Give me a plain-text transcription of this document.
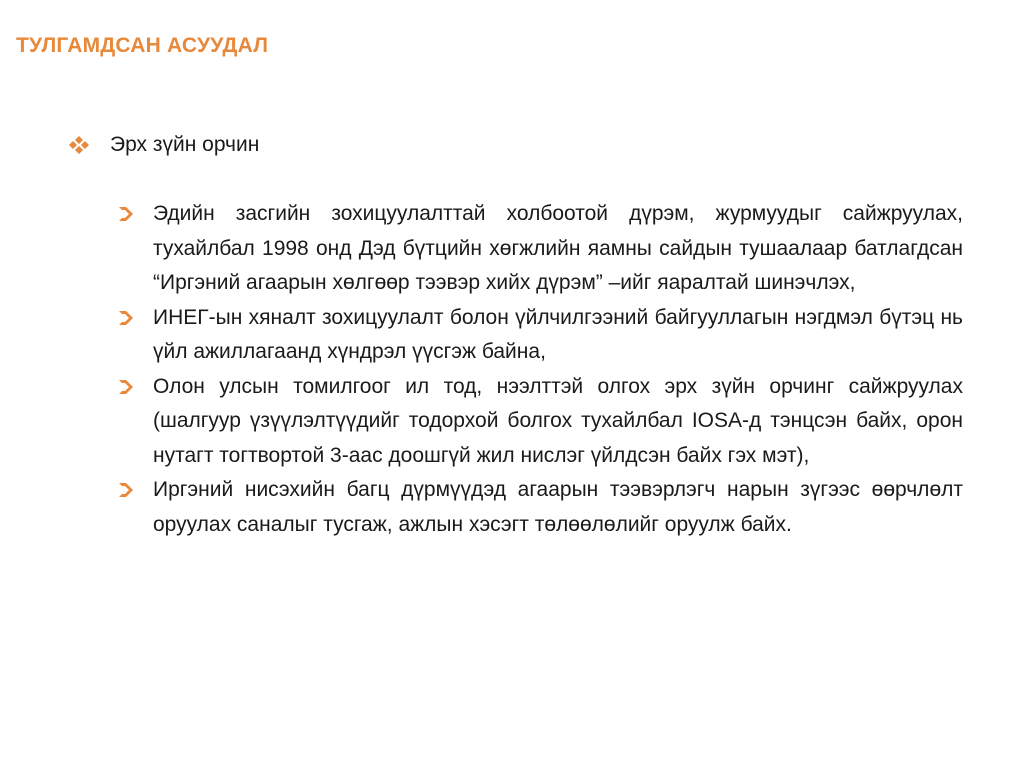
ТУЛГАМДСАН АСУУДАЛ
Эрх зүйн орчин
Эдийн засгийн зохицуулалттай холбоотой дүрэм, журмуудыг сайжруулах, тухайлбал 1998 онд Дэд бүтцийн хөгжлийн яамны сайдын тушаалаар батлагдсан “Иргэний агаарын хөлгөөр тээвэр хийх дүрэм” –ийг яаралтай шинэчлэх,
ИНЕГ-ын хяналт зохицуулалт болон үйлчилгээний байгууллагын нэгдмэл бүтэц нь үйл ажиллагаанд хүндрэл үүсгэж байна,
Олон улсын томилгоог ил тод, нээлттэй олгох эрх зүйн орчинг сайжруулах (шалгуур үзүүлэлтүүдийг тодорхой болгох тухайлбал IOSA-д тэнцсэн байх, орон нутагт тогтвортой 3-аас доошгүй жил нислэг үйлдсэн байх гэх мэт),
Иргэний нисэхийн багц дүрмүүдэд агаарын тээвэрлэгч нарын зүгээс өөрчлөлт оруулах саналыг тусгаж, ажлын хэсэгт төлөөлөлийг оруулж байх.
